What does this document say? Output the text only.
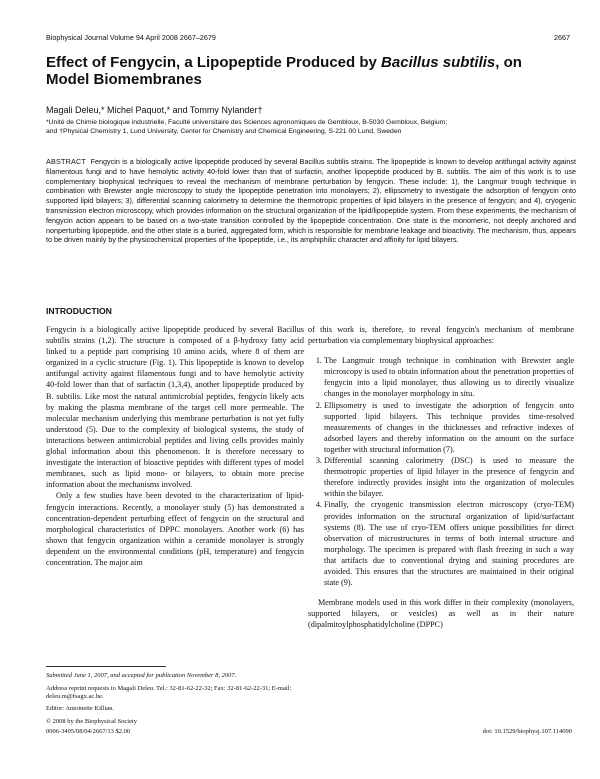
Biophysical Journal Volume 94 April 2008 2667–2679	2667
Effect of Fengycin, a Lipopeptide Produced by Bacillus subtilis, on Model Biomembranes
Magali Deleu,* Michel Paquot,* and Tommy Nylander†
*Unité de Chimie biologique industrielle, Faculté universitaire des Sciences agronomiques de Gembloux, B-5030 Gembloux, Belgium;
and †Physical Chemistry 1, Lund University, Center for Chemistry and Chemical Engineering, S-221 00 Lund, Sweden
ABSTRACT Fengycin is a biologically active lipopeptide produced by several Bacillus subtilis strains. The lipopeptide is known to develop antifungal activity against filamentous fungi and to have hemolytic activity 40-fold lower than that of surfactin, another lipopeptide produced by B. subtilis. The aim of this work is to use complementary biophysical techniques to reveal the mechanism of membrane perturbation by fengycin. These include: 1), the Langmuir trough technique in combination with Brewster angle microscopy to study the lipopeptide penetration into monolayers; 2), ellipsometry to investigate the adsorption of fengycin onto supported lipid bilayers; 3), differential scanning calorimetry to determine the thermotropic properties of lipid bilayers in the presence of fengycin; and 4), cryogenic transmission electron microscopy, which provides information on the structural organization of the lipid/lipopeptide system. From these experiments, the mechanism of fengycin action appears to be based on a two-state transition controlled by the lipopeptide concentration. One state is the monomeric, not deeply anchored and nonperturbing lipopeptide, and the other state is a buried, aggregated form, which is responsible for membrane leakage and bioactivity. The mechanism, thus, appears to be driven mainly by the physicochemical properties of the lipopeptide, i.e., its amphiphilic character and affinity for lipid bilayers.
INTRODUCTION

Fengycin is a biologically active lipopeptide produced by several Bacillus subtilis strains (1,2). The structure is composed of a β-hydroxy fatty acid linked to a peptide part comprising 10 amino acids, where 8 of them are organized in a cyclic structure (Fig. 1). This lipopeptide is known to develop antifungal activity against filamentous fungi and to have hemolytic activity 40-fold lower than that of surfactin (1,3,4), another lipopeptide produced by B. subtilis. Like most the natural antimicrobial peptides, fengycin likely acts by making the plasma membrane of the target cell more permeable. The molecular mechanism underlying this membrane perturbation is not yet fully understood (5). Due to the complexity of biological systems, the study of interactions between antimicrobial peptides and living cells provides mainly global information about this phenomenon. It is therefore necessary to investigate the interaction of bioactive peptides with different types of model membranes, such as lipid mono- or bilayers, to obtain more precise information about the mechanisms involved.

Only a few studies have been devoted to the characterization of lipid-fengycin interactions. Recently, a monolayer study (5) has demonstrated a concentration-dependent perturbing effect of fengycin on the structural and morphological characteristics of DPPC monolayers. Another work (6) has shown that fengycin organization within a ceramide monolayer is strongly dependent on the environmental conditions (pH, temperature) and fengycin concentration. The major aim

of this work is, therefore, to reveal fengycin's mechanism of membrane perturbation via complementary biophysical approaches:

1. The Langmuir trough technique in combination with Brewster angle microscopy is used to obtain information about the penetration properties of fengycin into a lipid monolayer, thus allowing us to directly visualize changes in the monolayer morphology in situ.
2. Ellipsometry is used to investigate the adsorption of fengycin onto supported lipid bilayers. This technique provides time-resolved measurements of changes in the thicknesses and refractive indexes of adsorbed layers and thereby information on the amount on the surface together with structural information (7).
3. Differential scanning calorimetry (DSC) is used to measure the thermotropic properties of lipid bilayer in the presence of fengycin and therefore indirectly provides insight into the organization of molecules within the bilayer.
4. Finally, the cryogenic transmission electron microscopy (cryo-TEM) provides information on the structural organization of lipid/surfactant systems (8). The use of cryo-TEM offers unique possibilities for direct observation of microstructures in terms of both internal structure and morphology. The specimen is prepared with flash freezing in such a way that artifacts due to conventional drying and staining procedures are avoided. This ensures that the structures are maintained in their original state (9).

Membrane models used in this work differ in their complexity (monolayers, supported bilayers, or vesicles) as well as in their nature (dipalmitoylphosphatidylcholine (DPPC)

Submitted June 1, 2007, and accepted for publication November 8, 2007.
Address reprint requests to Magali Deleu. Tel.: 32-81-62-22-32; Fax: 32-81-62-22-31; E-mail: deleu.m@fsagx.ac.be.
Editor: Antoinette Killian.
© 2008 by the Biophysical Society
0006-3495/08/04/2667/13 $2.00	doi: 10.1529/biophysj.107.114090
